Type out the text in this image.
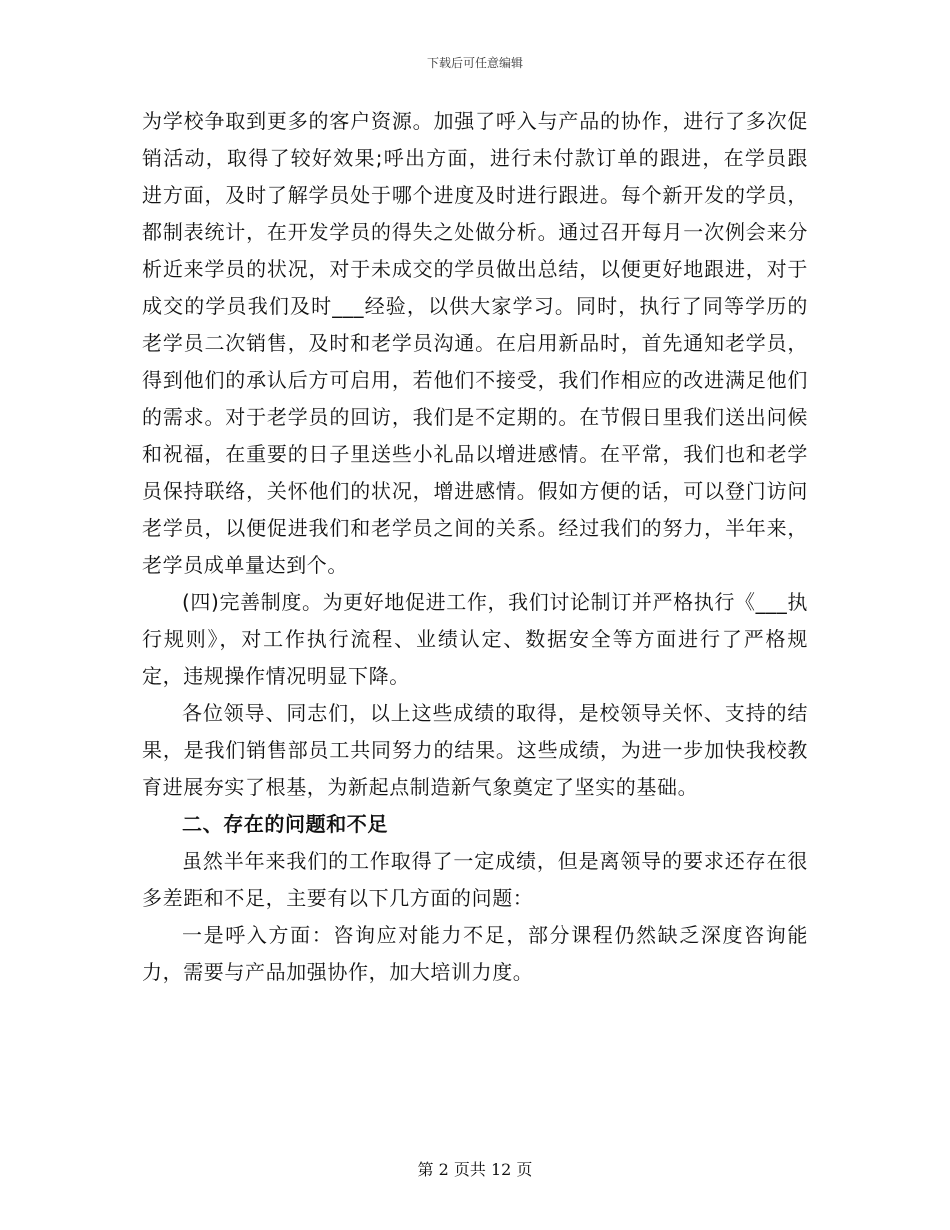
下载后可任意编辑

为学校争取到更多的客户资源。加强了呼入与产品的协作，进行了多次促销活动，取得了较好效果;呼出方面，进行未付款订单的跟进，在学员跟进方面，及时了解学员处于哪个进度及时进行跟进。每个新开发的学员，都制表统计，在开发学员的得失之处做分析。通过召开每月一次例会来分析近来学员的状况，对于未成交的学员做出总结，以便更好地跟进，对于成交的学员我们及时___经验，以供大家学习。同时，执行了同等学历的老学员二次销售，及时和老学员沟通。在启用新品时，首先通知老学员，得到他们的承认后方可启用，若他们不接受，我们作相应的改进满足他们的需求。对于老学员的回访，我们是不定期的。在节假日里我们送出问候和祝福，在重要的日子里送些小礼品以增进感情。在平常，我们也和老学员保持联络，关怀他们的状况，增进感情。假如方便的话，可以登门访问老学员，以便促进我们和老学员之间的关系。经过我们的努力，半年来，老学员成单量达到个。

(四)完善制度。为更好地促进工作，我们讨论制订并严格执行《___执行规则》，对工作执行流程、业绩认定、数据安全等方面进行了严格规定，违规操作情况明显下降。

各位领导、同志们，以上这些成绩的取得，是校领导关怀、支持的结果，是我们销售部员工共同努力的结果。这些成绩，为进一步加快我校教育进展夯实了根基，为新起点制造新气象奠定了坚实的基础。

二、存在的问题和不足

虽然半年来我们的工作取得了一定成绩，但是离领导的要求还存在很多差距和不足，主要有以下几方面的问题：

一是呼入方面：咨询应对能力不足，部分课程仍然缺乏深度咨询能力，需要与产品加强协作，加大培训力度。

第 2 页共 12 页
